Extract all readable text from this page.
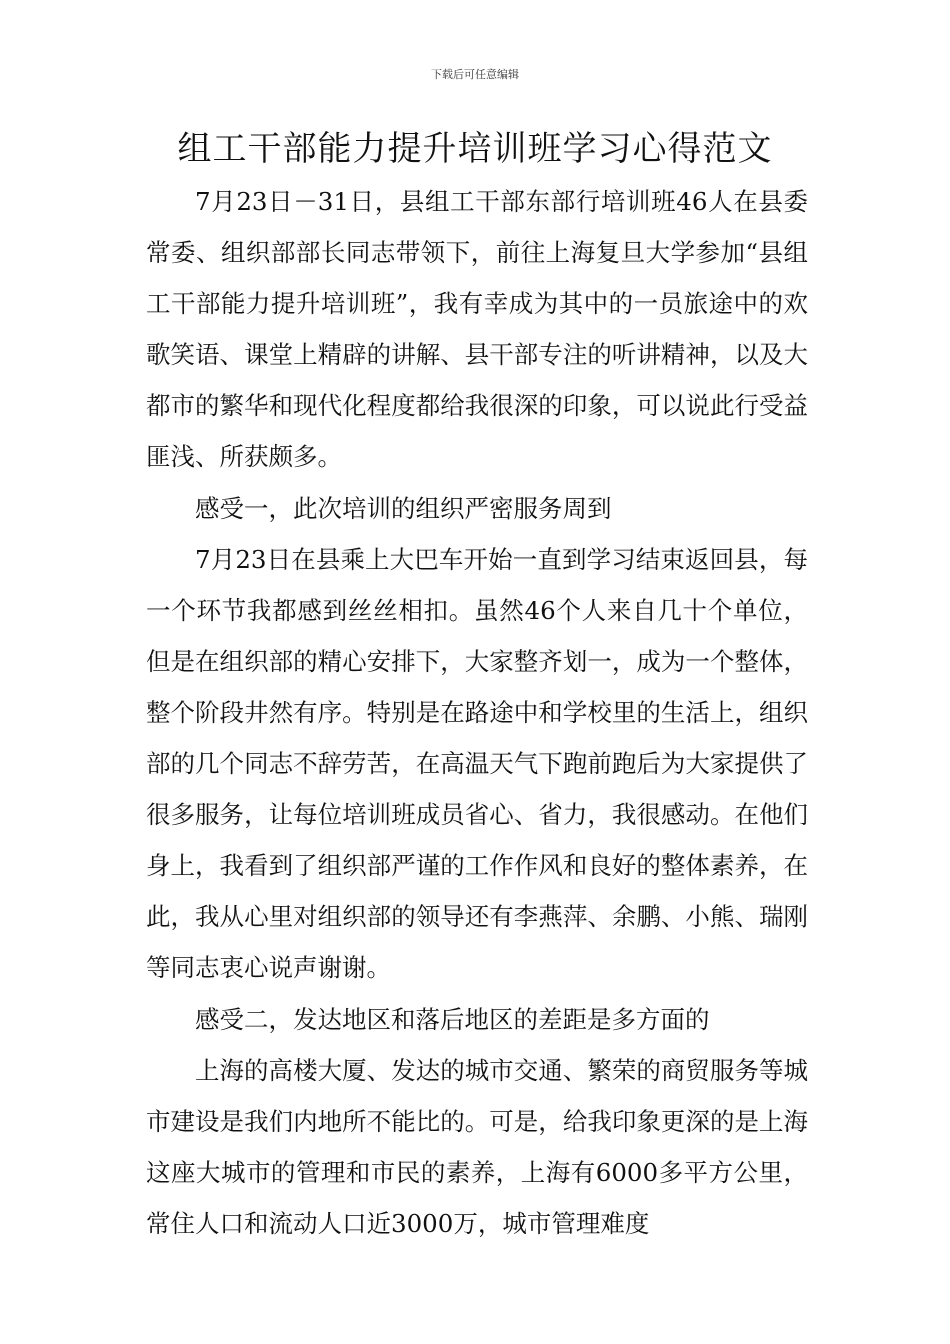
下载后可任意编辑
组工干部能力提升培训班学习心得范文

7月23日－31日，县组工干部东部行培训班46人在县委常委、组织部部长同志带领下，前往上海复旦大学参加“县组工干部能力提升培训班”，我有幸成为其中的一员旅途中的欢歌笑语、课堂上精辟的讲解、县干部专注的听讲精神，以及大都市的繁华和现代化程度都给我很深的印象，可以说此行受益匪浅、所获颇多。

感受一，此次培训的组织严密服务周到

7月23日在县乘上大巴车开始一直到学习结束返回县，每一个环节我都感到丝丝相扣。虽然46个人来自几十个单位，但是在组织部的精心安排下，大家整齐划一，成为一个整体，整个阶段井然有序。特别是在路途中和学校里的生活上，组织部的几个同志不辞劳苦，在高温天气下跑前跑后为大家提供了很多服务，让每位培训班成员省心、省力，我很感动。在他们身上，我看到了组织部严谨的工作作风和良好的整体素养，在此，我从心里对组织部的领导还有李燕萍、余鹏、小熊、瑞刚等同志衷心说声谢谢。

感受二，发达地区和落后地区的差距是多方面的

上海的高楼大厦、发达的城市交通、繁荣的商贸服务等城市建设是我们内地所不能比的。可是，给我印象更深的是上海这座大城市的管理和市民的素养，上海有6000多平方公里，常住人口和流动人口近3000万，城市管理难度
